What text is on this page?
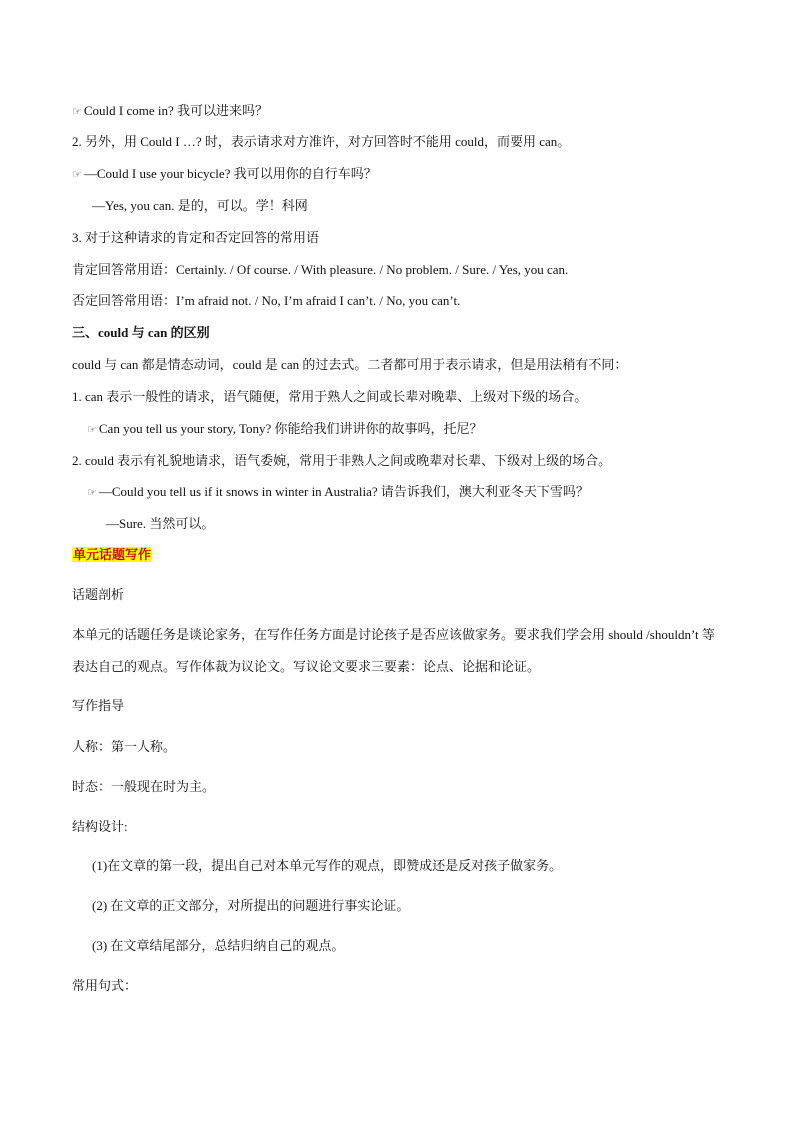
☞ Could I come in? 我可以进来吗？
2. 另外，用 Could I …? 时，表示请求对方准许，对方回答时不能用 could，而要用 can。
☞ —Could I use your bicycle? 我可以用你的自行车吗？
—Yes, you can. 是的，可以。学！科网
3. 对于这种请求的肯定和否定回答的常用语
肯定回答常用语：Certainly. / Of course. / With pleasure. / No problem. / Sure. / Yes, you can.
否定回答常用语：I’m afraid not. / No, I’m afraid I can’t. / No, you can’t.
三、could 与 can 的区别
could 与 can 都是情态动词，could 是 can 的过去式。二者都可用于表示请求，但是用法稍有不同：
1. can 表示一般性的请求，语气随便，常用于熟人之间或长辈对晚辈、上级对下级的场合。
☞ Can you tell us your story, Tony? 你能给我们讲讲你的故事吗，托尼？
2. could 表示有礼貌地请求，语气委婉，常用于非熟人之间或晚辈对长辈、下级对上级的场合。
☞ —Could you tell us if it snows in winter in Australia? 请告诉我们，澳大利亚冬天下雪吗？
—Sure. 当然可以。
单元话题写作
话题剖析
本单元的话题任务是谈论家务，在写作任务方面是讨论孩子是否应该做家务。要求我们学会用 should /shouldn’t 等表达自己的观点。写作体裁为议论文。写议论文要求三要素：论点、论据和论证。
写作指导
人称：第一人称。
时态：一般现在时为主。
结构设计:
(1)在文章的第一段，提出自己对本单元写作的观点，即赞成还是反对孩子做家务。
(2) 在文章的正文部分，对所提出的问题进行事实论证。
(3) 在文章结尾部分，总结归纳自己的观点。
常用句式：
